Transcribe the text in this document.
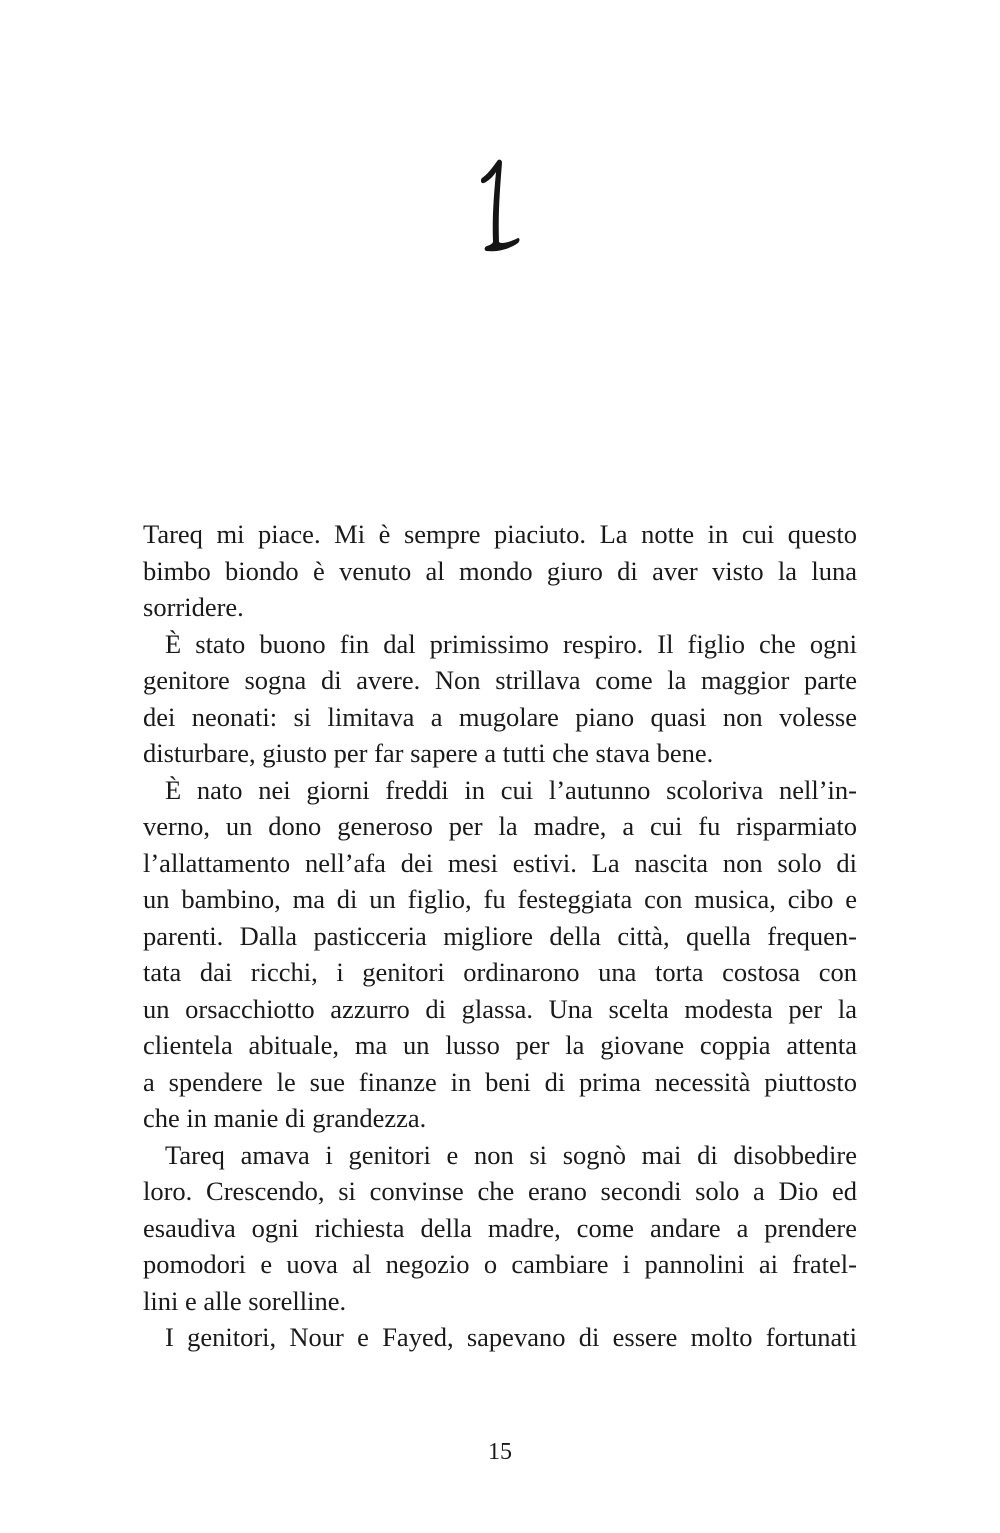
Tareq mi piace. Mi è sempre piaciuto. La notte in cui questo
bimbo biondo è venuto al mondo giuro di aver visto la luna
sorridere.
È stato buono fin dal primissimo respiro. Il figlio che ogni
genitore sogna di avere. Non strillava come la maggior parte
dei neonati: si limitava a mugolare piano quasi non volesse
disturbare, giusto per far sapere a tutti che stava bene.
È nato nei giorni freddi in cui l’autunno scoloriva nell’in-
verno, un dono generoso per la madre, a cui fu risparmiato
l’allattamento nell’afa dei mesi estivi. La nascita non solo di
un bambino, ma di un figlio, fu festeggiata con musica, cibo e
parenti. Dalla pasticceria migliore della città, quella frequen-
tata dai ricchi, i genitori ordinarono una torta costosa con
un orsacchiotto azzurro di glassa. Una scelta modesta per la
clientela abituale, ma un lusso per la giovane coppia attenta
a spendere le sue finanze in beni di prima necessità piuttosto
che in manie di grandezza.
Tareq amava i genitori e non si sognò mai di disobbedire
loro. Crescendo, si convinse che erano secondi solo a Dio ed
esaudiva ogni richiesta della madre, come andare a prendere
pomodori e uova al negozio o cambiare i pannolini ai fratel-
lini e alle sorelline.
I genitori, Nour e Fayed, sapevano di essere molto fortunati
15
